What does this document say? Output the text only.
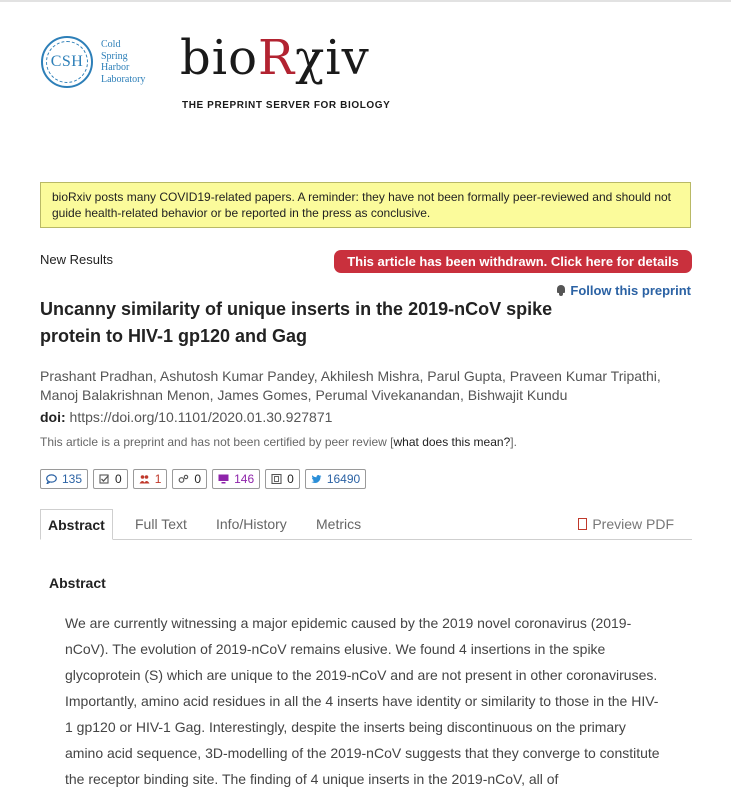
CSH
Cold
Spring
Harbor
Laboratory bioRχiv
THE PREPRINT SERVER FOR BIOLOGY
bioRxiv posts many COVID19-related papers. A reminder: they have not been formally peer-reviewed and should not guide health-related behavior or be reported in the press as conclusive.
New Results	This article has been withdrawn. Click here for details
Follow this preprint
Uncanny similarity of unique inserts in the 2019-nCoV spike protein to HIV-1 gp120 and Gag
Prashant Pradhan, Ashutosh Kumar Pandey, Akhilesh Mishra, Parul Gupta, Praveen Kumar Tripathi, Manoj Balakrishnan Menon, James Gomes, Perumal Vivekanandan, Bishwajit Kundu
doi: https://doi.org/10.1101/2020.01.30.927871
This article is a preprint and has not been certified by peer review [what does this mean?].
135	0	1	0	146	0	16490
Abstract	Full Text Info/History Metrics	Preview PDF
Abstract
We are currently witnessing a major epidemic caused by the 2019 novel coronavirus (2019-nCoV). The evolution of 2019-nCoV remains elusive. We found 4 insertions in the spike glycoprotein (S) which are unique to the 2019-nCoV and are not present in other coronaviruses. Importantly, amino acid residues in all the 4 inserts have identity or similarity to those in the HIV-1 gp120 or HIV-1 Gag. Interestingly, despite the inserts being discontinuous on the primary amino acid sequence, 3D-modelling of the 2019-nCoV suggests that they converge to constitute the receptor binding site. The finding of 4 unique inserts in the 2019-nCoV, all of
